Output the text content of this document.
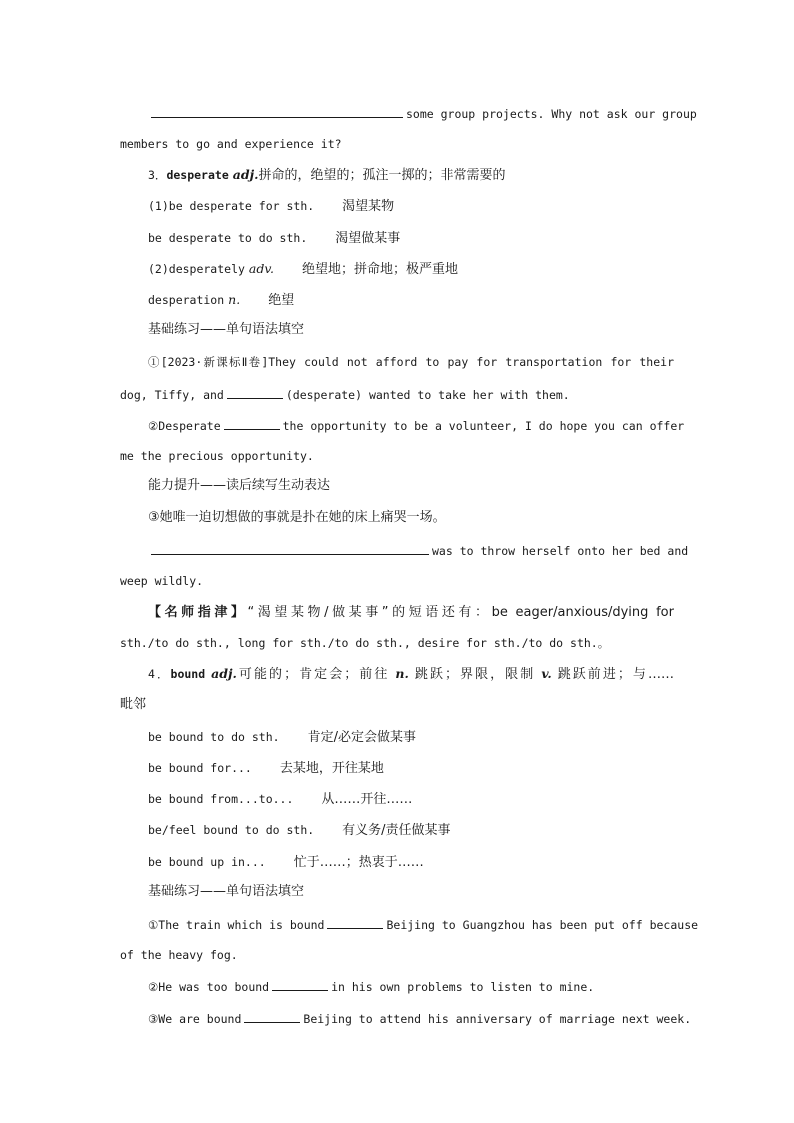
some group projects. Why not ask our group
members to go and experience it?
3．desperate adj.拼命的，绝望的；孤注一掷的；非常需要的
(1)be desperate for sth. 渴望某物
be desperate to do sth. 渴望做某事
(2)desperately adv. 绝望地；拼命地；极严重地
desperation n. 绝望
基础练习——单句语法填空
①[2023·新课标Ⅱ卷]They could not afford to pay for transportation for their
dog, Tiffy, and	(desperate) wanted to take her with them.
②Desperate	the opportunity to be a volunteer, I do hope you can offer
me the precious opportunity.
能力提升——读后续写生动表达
③她唯一迫切想做的事就是扑在她的床上痛哭一场。
was to throw herself onto her bed and
weep wildly.
【名师指津】“渴望某物/做某事”的短语还有：be eager/anxious/dying for
sth./to do sth., long for sth./to do sth., desire for sth./to do sth.。
4．bound adj.可能的；肯定会；前往 n. 跳跃；界限，限制 v. 跳跃前进；与……
毗邻
be bound to do sth. 肯定/必定会做某事
be bound for... 去某地，开往某地
be bound from...to... 从……开往……
be/feel bound to do sth. 有义务/责任做某事
be bound up in... 忙于……；热衷于……
基础练习——单句语法填空
①The train which is bound	Beijing to Guangzhou has been put off because
of the heavy fog.
②He was too bound	in his own problems to listen to mine.
③We are bound	Beijing to attend his anniversary of marriage next week.
